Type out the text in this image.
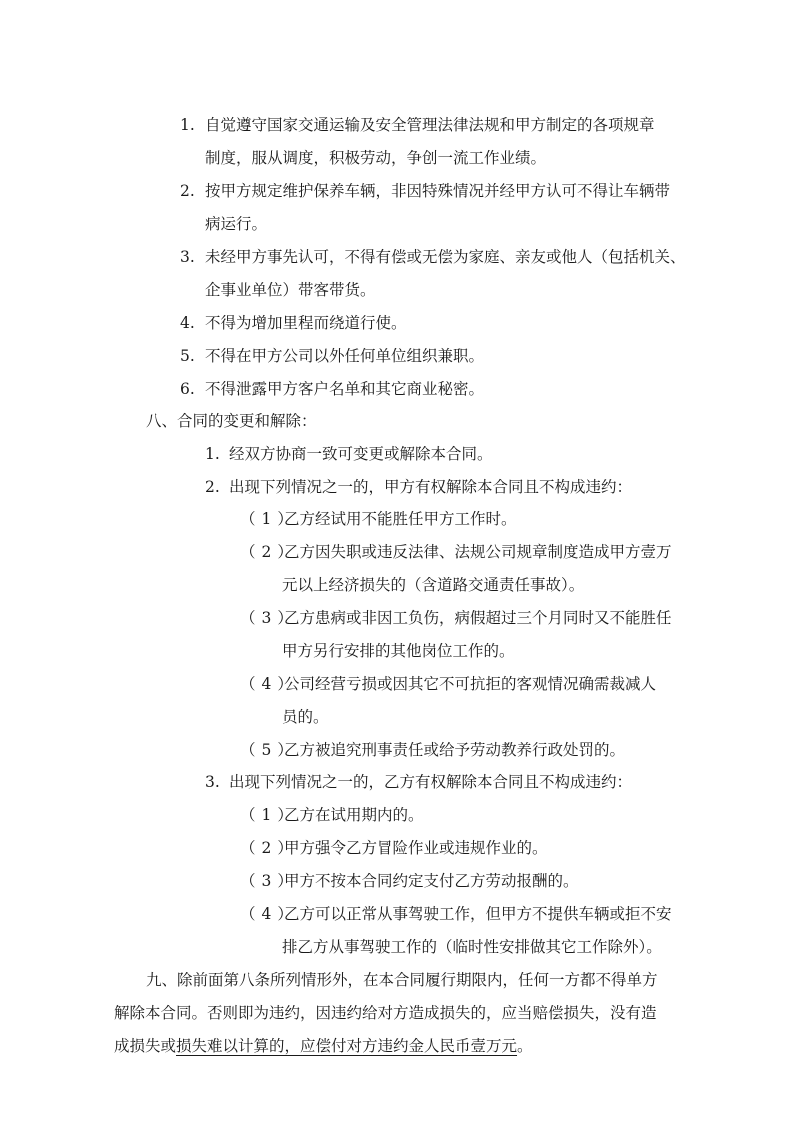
1. 自觉遵守国家交通运输及安全管理法律法规和甲方制定的各项规章
制度，服从调度，积极劳动，争创一流工作业绩。
2. 按甲方规定维护保养车辆，非因特殊情况并经甲方认可不得让车辆带
病运行。
3. 未经甲方事先认可，不得有偿或无偿为家庭、亲友或他人（包括机关、
企事业单位）带客带货。
4. 不得为增加里程而绕道行使。
5. 不得在甲方公司以外任何单位组织兼职。
6. 不得泄露甲方客户名单和其它商业秘密。
八、合同的变更和解除：
1. 经双方协商一致可变更或解除本合同。
2. 出现下列情况之一的，甲方有权解除本合同且不构成违约：
（1）
乙方经试用不能胜任甲方工作时。
（2）
乙方因失职或违反法律、法规公司规章制度造成甲方壹万
元以上经济损失的（含道路交通责任事故）。
（3）
乙方患病或非因工负伤，病假超过三个月同时又不能胜任
甲方另行安排的其他岗位工作的。
（4）
公司经营亏损或因其它不可抗拒的客观情况确需裁减人
员的。
（5）
乙方被追究刑事责任或给予劳动教养行政处罚的。
3. 出现下列情况之一的，乙方有权解除本合同且不构成违约：
（1）
乙方在试用期内的。
（2）
甲方强令乙方冒险作业或违规作业的。
（3）
甲方不按本合同约定支付乙方劳动报酬的。
（4）
乙方可以正常从事驾驶工作，但甲方不提供车辆或拒不安
排乙方从事驾驶工作的（临时性安排做其它工作除外）。
九、除前面第八条所列情形外，在本合同履行期限内，任何一方都不得单方
解除本合同。否则即为违约，因违约给对方造成损失的，应当赔偿损失，没有造
成损失或损失难以计算的，应偿付对方违约金人民币壹万元。
